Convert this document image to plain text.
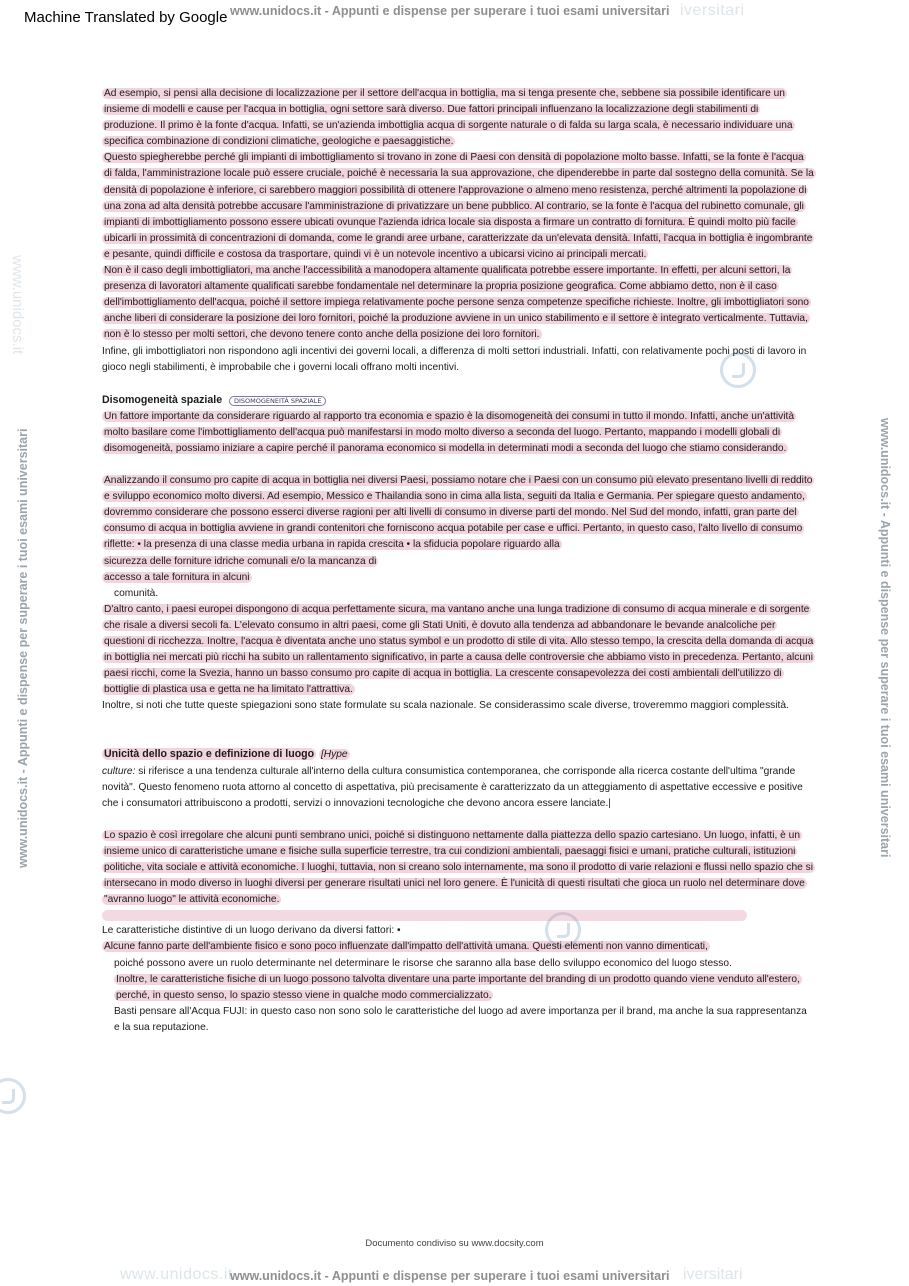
Machine Translated by Google www.unidocs.it - Appunti e dispense per superare i tuoi esami universitari iversitari
www.unidocs.it - Appunti e dispense per superare i tuoi esami universitari	www.unidocs.it - Appunti e dispense per superare i tuoi esami universitari
www.unidocs.it

Ad esempio, si pensi alla decisione di localizzazione per il settore dell'acqua in bottiglia, ma si tenga presente che, sebbene sia possibile identificare un insieme di modelli e cause per l'acqua in bottiglia, ogni settore sarà diverso. Due fattori principali influenzano la localizzazione degli stabilimenti di produzione. Il primo è la fonte d'acqua. Infatti, se un'azienda imbottiglia acqua di sorgente naturale o di falda su larga scala, è necessario individuare una specifica combinazione di condizioni climatiche, geologiche e paesaggistiche.

Questo spiegherebbe perché gli impianti di imbottigliamento si trovano in zone di Paesi con densità di popolazione molto basse. Infatti, se la fonte è l'acqua di falda, l'amministrazione locale può essere cruciale, poiché è necessaria la sua approvazione, che dipenderebbe in parte dal sostegno della comunità. Se la densità di popolazione è inferiore, ci sarebbero maggiori possibilità di ottenere l'approvazione o almeno meno resistenza, perché altrimenti la popolazione di una zona ad alta densità potrebbe accusare l'amministrazione di privatizzare un bene pubblico. Al contrario, se la fonte è l'acqua del rubinetto comunale, gli impianti di imbottigliamento possono essere ubicati ovunque l'azienda idrica locale sia disposta a firmare un contratto di fornitura. È quindi molto più facile ubicarli in prossimità di concentrazioni di domanda, come le grandi aree urbane, caratterizzate da un'elevata densità. Infatti, l'acqua in bottiglia è ingombrante e pesante, quindi difficile e costosa da trasportare, quindi vi è un notevole incentivo a ubicarsi vicino ai principali mercati.

Non è il caso degli imbottigliatori, ma anche l'accessibilità a manodopera altamente qualificata potrebbe essere importante. In effetti, per alcuni settori, la presenza di lavoratori altamente qualificati sarebbe fondamentale nel determinare la propria posizione geografica. Come abbiamo detto, non è il caso dell'imbottigliamento dell'acqua, poiché il settore impiega relativamente poche persone senza competenze specifiche richieste. Inoltre, gli imbottigliatori sono anche liberi di considerare la posizione dei loro fornitori, poiché la produzione avviene in un unico stabilimento e il settore è integrato verticalmente. Tuttavia, non è lo stesso per molti settori, che devono tenere conto anche della posizione dei loro fornitori.

Infine, gli imbottigliatori non rispondono agli incentivi dei governi locali, a differenza di molti settori industriali. Infatti, con relativamente pochi posti di lavoro in gioco negli stabilimenti, è improbabile che i governi locali offrano molti incentivi.

Disomogeneità spaziale DISOMOGENEITÀ SPAZIALE

Un fattore importante da considerare riguardo al rapporto tra economia e spazio è la disomogeneità dei consumi in tutto il mondo. Infatti, anche un'attività molto basilare come l'imbottigliamento dell'acqua può manifestarsi in modo molto diverso a seconda del luogo. Pertanto, mappando i modelli globali di disomogeneità, possiamo iniziare a capire perché il panorama economico si modella in determinati modi a seconda del luogo che stiamo considerando.

Analizzando il consumo pro capite di acqua in bottiglia nei diversi Paesi, possiamo notare che i Paesi con un consumo più elevato presentano livelli di reddito e sviluppo economico molto diversi. Ad esempio, Messico e Thailandia sono in cima alla lista, seguiti da Italia e Germania. Per spiegare questo andamento, dovremmo considerare che possono esserci diverse ragioni per alti livelli di consumo in diverse parti del mondo. Nel Sud del mondo, infatti, gran parte del consumo di acqua in bottiglia avviene in grandi contenitori che forniscono acqua potabile per case e uffici. Pertanto, in questo caso, l'alto livello di consumo riflette: • la presenza di una classe media urbana in rapida crescita • la sfiducia popolare riguardo alla

sicurezza delle forniture idriche comunali e/o la mancanza di

accesso a tale fornitura in alcuni

comunità.

D'altro canto, i paesi europei dispongono di acqua perfettamente sicura, ma vantano anche una lunga tradizione di consumo di acqua minerale e di sorgente che risale a diversi secoli fa. L'elevato consumo in altri paesi, come gli Stati Uniti, è dovuto alla tendenza ad abbandonare le bevande analcoliche per questioni di ricchezza. Inoltre, l'acqua è diventata anche uno status symbol e un prodotto di stile di vita. Allo stesso tempo, la crescita della domanda di acqua in bottiglia nei mercati più ricchi ha subito un rallentamento significativo, in parte a causa delle controversie che abbiamo visto in precedenza. Pertanto, alcuni paesi ricchi, come la Svezia, hanno un basso consumo pro capite di acqua in bottiglia. La crescente consapevolezza dei costi ambientali dell'utilizzo di bottiglie di plastica usa e getta ne ha limitato l'attrattiva.

Inoltre, si noti che tutte queste spiegazioni sono state formulate su scala nazionale. Se considerassimo scale diverse, troveremmo maggiori complessità.

Unicità dello spazio e definizione di luogo [Hype

culture: si riferisce a una tendenza culturale all'interno della cultura consumistica contemporanea, che corrisponde alla ricerca costante dell'ultima "grande novità". Questo fenomeno ruota attorno al concetto di aspettativa, più precisamente è caratterizzato da un atteggiamento di aspettative eccessive e positive che i consumatori attribuiscono a prodotti, servizi o innovazioni tecnologiche che devono ancora essere lanciate.|

Lo spazio è così irregolare che alcuni punti sembrano unici, poiché si distinguono nettamente dalla piattezza dello spazio cartesiano. Un luogo, infatti, è un insieme unico di caratteristiche umane e fisiche sulla superficie terrestre, tra cui condizioni ambientali, paesaggi fisici e umani, pratiche culturali, istituzioni politiche, vita sociale e attività economiche. I luoghi, tuttavia, non si creano solo internamente, ma sono il prodotto di varie relazioni e flussi nello spazio che si intersecano in modo diverso in luoghi diversi per generare risultati unici nel loro genere. È l'unicità di questi risultati che gioca un ruolo nel determinare dove "avranno luogo" le attività economiche.

Le caratteristiche distintive di un luogo derivano da diversi fattori: •

Alcune fanno parte dell'ambiente fisico e sono poco influenzate dall'impatto dell'attività umana. Questi elementi non vanno dimenticati,

poiché possono avere un ruolo determinante nel determinare le risorse che saranno alla base dello sviluppo economico del luogo stesso.

Inoltre, le caratteristiche fisiche di un luogo possono talvolta diventare una parte importante del branding di un prodotto quando viene venduto all'estero, perché, in questo senso, lo spazio stesso viene in qualche modo commercializzato.

Basti pensare all'Acqua FUJI: in questo caso non sono solo le caratteristiche del luogo ad avere importanza per il brand, ma anche la sua rappresentanza e la sua reputazione.

Documento condiviso su www.docsity.com
www.unidocs.it	iversitari
www.unidocs.it - Appunti e dispense per superare i tuoi esami universitari
